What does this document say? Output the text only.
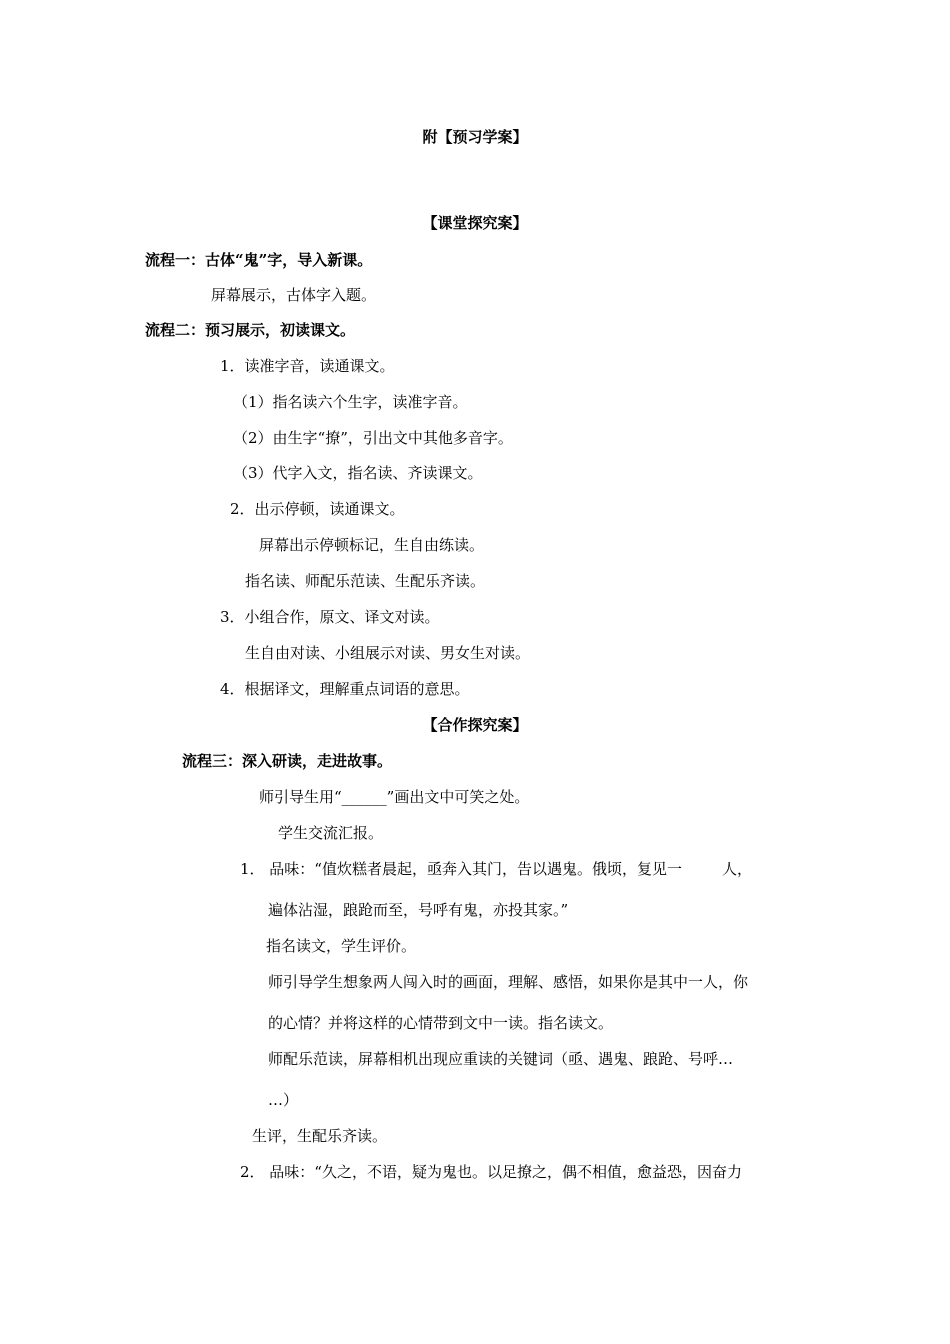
附【预习学案】
【课堂探究案】
流程一：古体“鬼”字，导入新课。
屏幕展示，古体字入题。
流程二：预习展示，初读课文。
1．读准字音，读通课文。
（1）指名读六个生字，读准字音。
（2）由生字“撩”，引出文中其他多音字。
（3）代字入文，指名读、齐读课文。
2．出示停顿，读通课文。
屏幕出示停顿标记，生自由练读。
指名读、师配乐范读、生配乐齐读。
3．小组合作，原文、译文对读。
生自由对读、小组展示对读、男女生对读。
4．根据译文，理解重点词语的意思。
【合作探究案】
流程三：深入研读，走进故事。
师引导生用“______”画出文中可笑之处。
学生交流汇报。
1． 品味：“值炊糕者晨起，亟奔入其门，告以遇鬼。俄顷，复见一	人，
遍体沾湿，踉跄而至，号呼有鬼，亦投其家。”
指名读文，学生评价。
师引导学生想象两人闯入时的画面，理解、感悟，如果你是其中一人，你
的心情？并将这样的心情带到文中一读。指名读文。
师配乐范读，屏幕相机出现应重读的关键词（亟、遇鬼、踉跄、号呼…
…）
生评，生配乐齐读。
2． 品味：“久之，不语，疑为鬼也。以足撩之，偶不相值，愈益恐，因奋力
